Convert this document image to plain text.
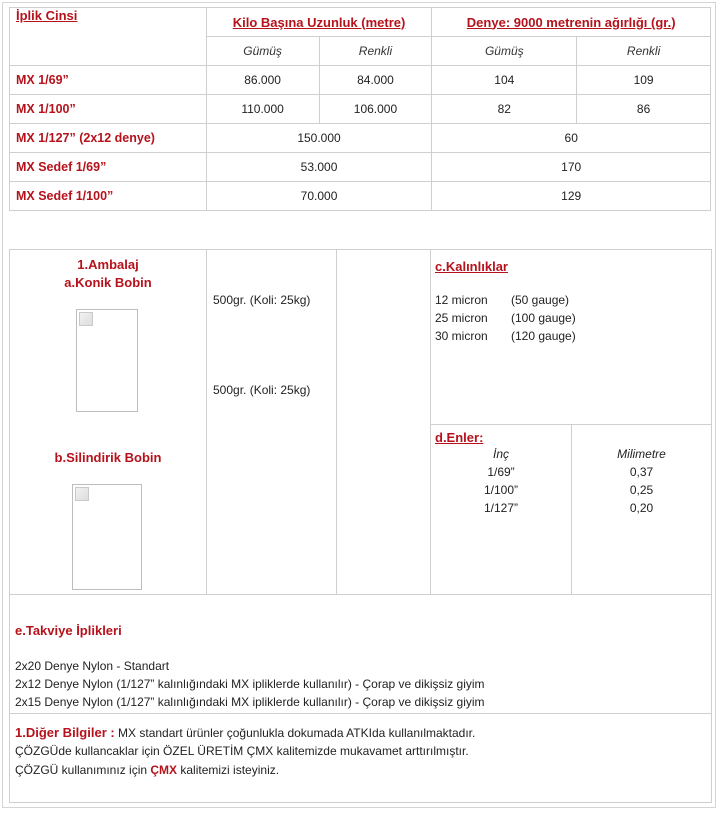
İplik Cinsi	Kilo Başına Uzunluk (metre)		Denye: 9000 metrenin ağırlığı (gr.)	
	Gümüş	Renkli	Gümüş	Renkli
MX 1/69”	86.000	84.000	104	109
MX 1/100”	110.000	106.000	82	86
MX 1/127” (2x12 denye)	150.000		60	
MX Sedef 1/69”	53.000		170	
MX Sedef 1/100”	70.000		129	
1.Ambalaj
a.Konik Bobin
b.Silindirik Bobin
500gr. (Koli: 25kg)
500gr. (Koli: 25kg)
c.Kalınlıklar
12 micron (50 gauge)
25 micron (100 gauge)
30 micron (120 gauge)
d.Enler:
İnç	Milimetre
1/69”	0,37
1/100”	0,25
1/127”	0,20
e.Takviye İplikleri
2x20 Denye Nylon - Standart
2x12 Denye Nylon (1/127” kalınlığındaki MX ipliklerde kullanılır) - Çorap ve dikişsiz giyim
2x15 Denye Nylon (1/127” kalınlığındaki MX ipliklerde kullanılır) - Çorap ve dikişsiz giyim
1.Diğer Bilgiler : MX standart ürünler çoğunlukla dokumada ATKIda kullanılmaktadır.
ÇÖZGÜde kullancaklar için ÖZEL ÜRETİM ÇMX kalitemizde mukavamet arttırılmıştır.
ÇÖZGÜ kullanımınız için ÇMX kalitemizi isteyiniz.
